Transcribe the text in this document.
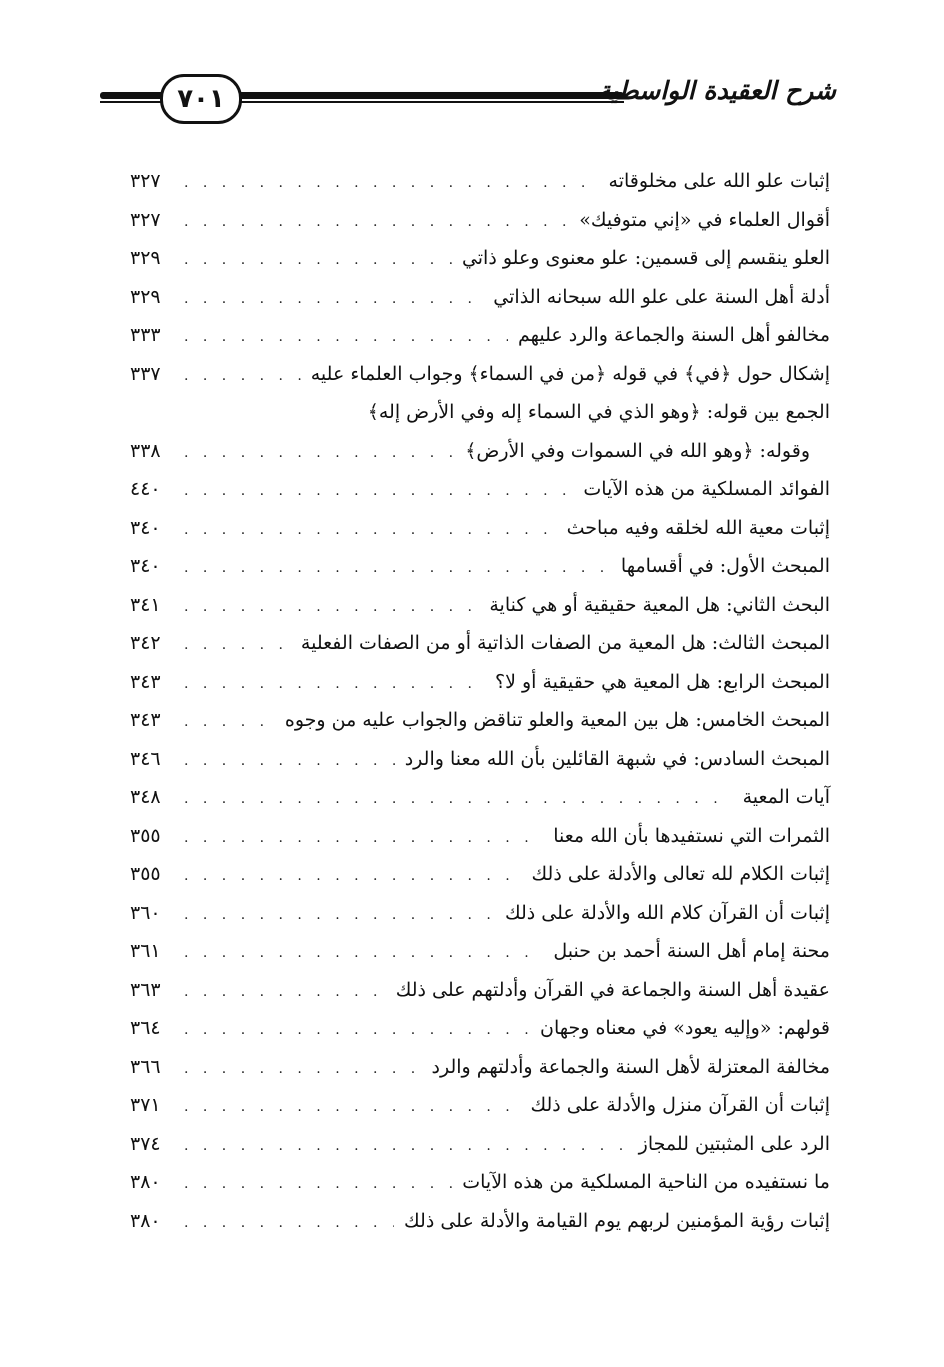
٧٠١	شرح العقيدة الواسطية
إثبات علو الله على مخلوقاته
. . .
٣٢٧
أقوال العلماء في «إني متوفيك»
. . .
٣٢٧
العلو ينقسم إلى قسمين: علو معنوى وعلو ذاتي
. . .
٣٢٩
أدلة أهل السنة على علو الله سبحانه الذاتي
. . .
٣٢٩
مخالفو أهل السنة والجماعة والرد عليهم
. . .
٣٣٣
إشكال حول ﴿في﴾ في قوله ﴿من في السماء﴾ وجواب العلماء عليه
. . .
٣٣٧
الجمع بين قوله: ﴿وهو الذي في السماء إله وفي الأرض إله﴾
وقوله: ﴿وهو الله في السموات وفي الأرض﴾
. . .
٣٣٨
الفوائد المسلكية من هذه الآيات
. . .
٤٤٠
إثبات معية الله لخلقه وفيه مباحث
. . .
٣٤٠
المبحث الأول: في أقسامها
. . .
٣٤٠
البحث الثاني: هل المعية حقيقية أو هي كناية
. . .
٣٤١
المبحث الثالث: هل المعية من الصفات الذاتية أو من الصفات الفعلية
. . .
٣٤٢
المبحث الرابع: هل المعية هي حقيقية أو لا؟
. . .
٣٤٣
المبحث الخامس: هل بين المعية والعلو تناقض والجواب عليه من وجوه
. . .
٣٤٣
المبحث السادس: في شبهة القائلين بأن الله معنا والرد
. . .
٣٤٦
آيات المعية
. . .
٣٤٨
الثمرات التي نستفيدها بأن الله معنا
. . .
٣٥٥
إثبات الكلام لله تعالى والأدلة على ذلك
. . .
٣٥٥
إثبات أن القرآن كلام الله والأدلة على ذلك
. . .
٣٦٠
محنة إمام أهل السنة أحمد بن حنبل
. . .
٣٦١
عقيدة أهل السنة والجماعة في القرآن وأدلتهم على ذلك
. . .
٣٦٣
قولهم: «وإليه يعود» في معناه وجهان
. . .
٣٦٤
مخالفة المعتزلة لأهل السنة والجماعة وأدلتهم والرد
. . .
٣٦٦
إثبات أن القرآن منزل والأدلة على ذلك
. . .
٣٧١
الرد على المثبتين للمجاز
. . .
٣٧٤
ما نستفيده من الناحية المسلكية من هذه الآيات
. . .
٣٨٠
إثبات رؤية المؤمنين لربهم يوم القيامة والأدلة على ذلك
. . .
٣٨٠
